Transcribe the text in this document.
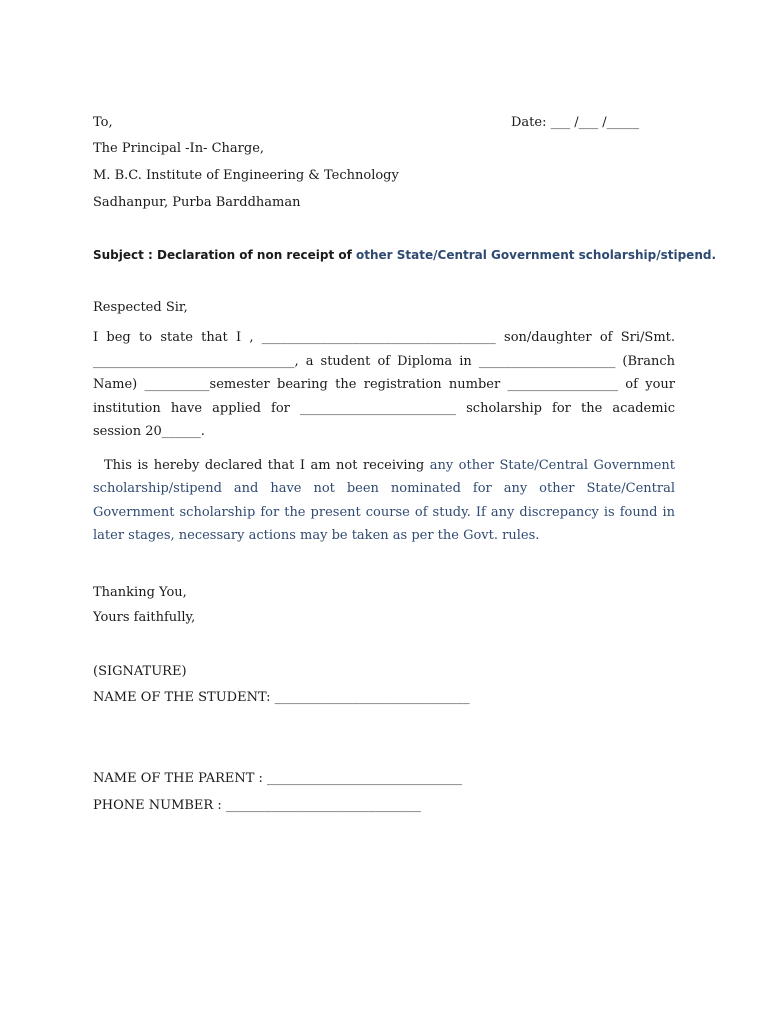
To,	Date: ___ /___ /_____
The Principal -In- Charge,
M. B.C. Institute of Engineering & Technology
Sadhanpur, Purba Barddhaman
Subject : Declaration of non receipt of other State/Central Government scholarship/stipend.
Respected Sir,
I beg to state that I , ____________________________________ son/daughter of Sri/Smt. _______________________________, a student of Diploma in _____________________ (Branch Name) __________semester bearing the registration number _________________ of your institution have applied for ________________________ scholarship for the academic session 20______.
This is hereby declared that I am not receiving any other State/Central Government scholarship/stipend and have not been nominated for any other State/Central Government scholarship for the present course of study. If any discrepancy is found in later stages, necessary actions may be taken as per the Govt. rules.
Thanking You,
Yours faithfully,
(SIGNATURE)
NAME OF THE STUDENT: ______________________________
NAME OF THE PARENT : ______________________________
PHONE NUMBER : ______________________________
